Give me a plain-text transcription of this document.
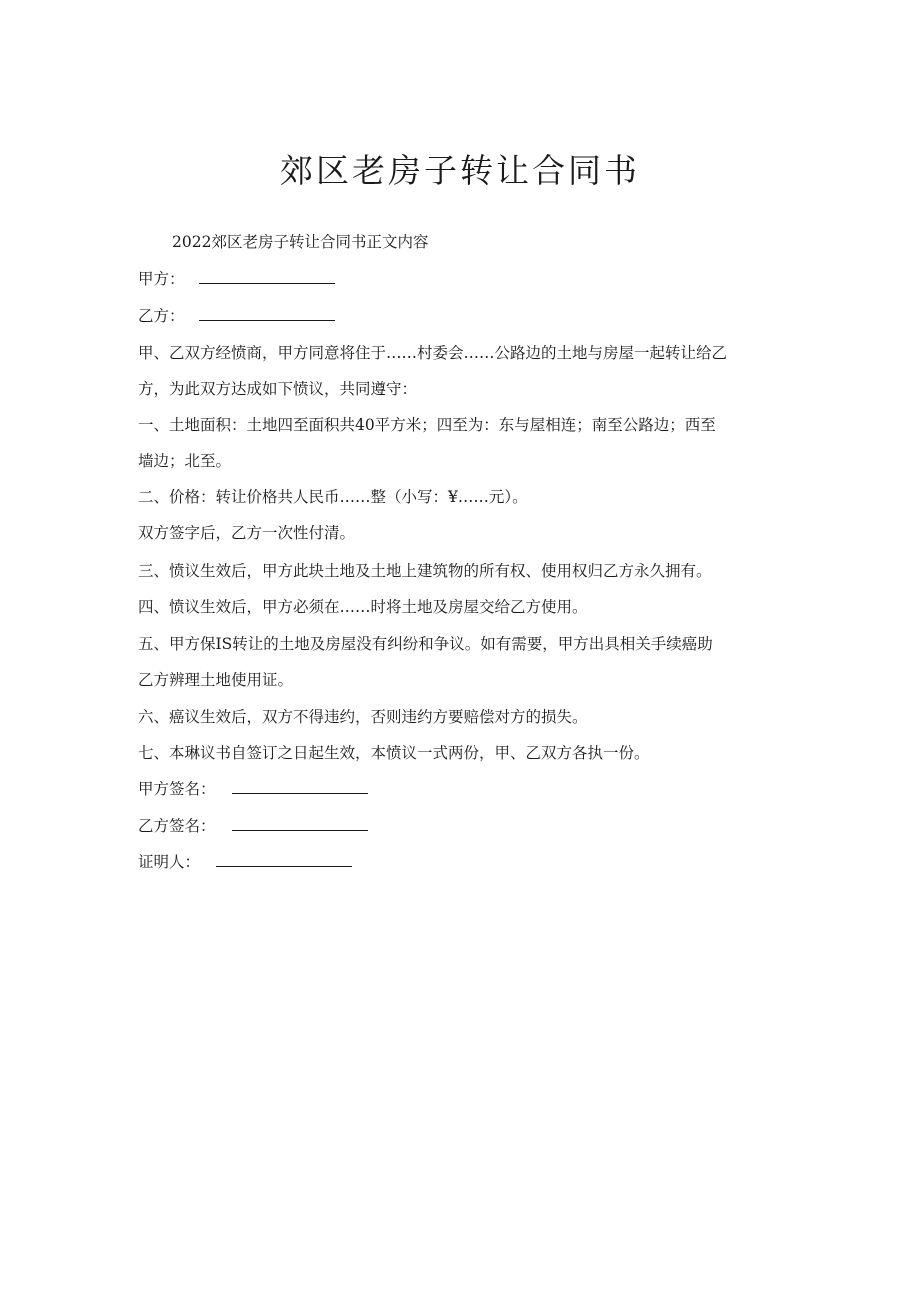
郊区老房子转让合同书
2022郊区老房子转让合同书正文内容
甲方：
乙方：
甲、乙双方经愤商，甲方同意将住于……村委会……公路边的土地与房屋一起转让给乙
方，为此双方达成如下愤议，共同遵守：
一、土地面积：土地四至面积共40平方米；四至为：东与屋相连；南至公路边；西至
墙边；北至。
二、价格：转让价格共人民币……整（小写：¥……元）。
双方签字后，乙方一次性付清。
三、愤议生效后，甲方此块土地及土地上建筑物的所有权、使用权归乙方永久拥有。
四、愤议生效后，甲方必须在……时将土地及房屋交给乙方使用。
五、甲方保IS转让的土地及房屋没有纠纷和争议。如有需要，甲方出具相关手续癌助
乙方辨理土地使用证。
六、癌议生效后，双方不得违约，否则违约方要赔偿对方的损失。
七、本琳议书自签订之日起生效，本愤议一式两份，甲、乙双方各执一份。
甲方签名：
乙方签名：
证明人：
